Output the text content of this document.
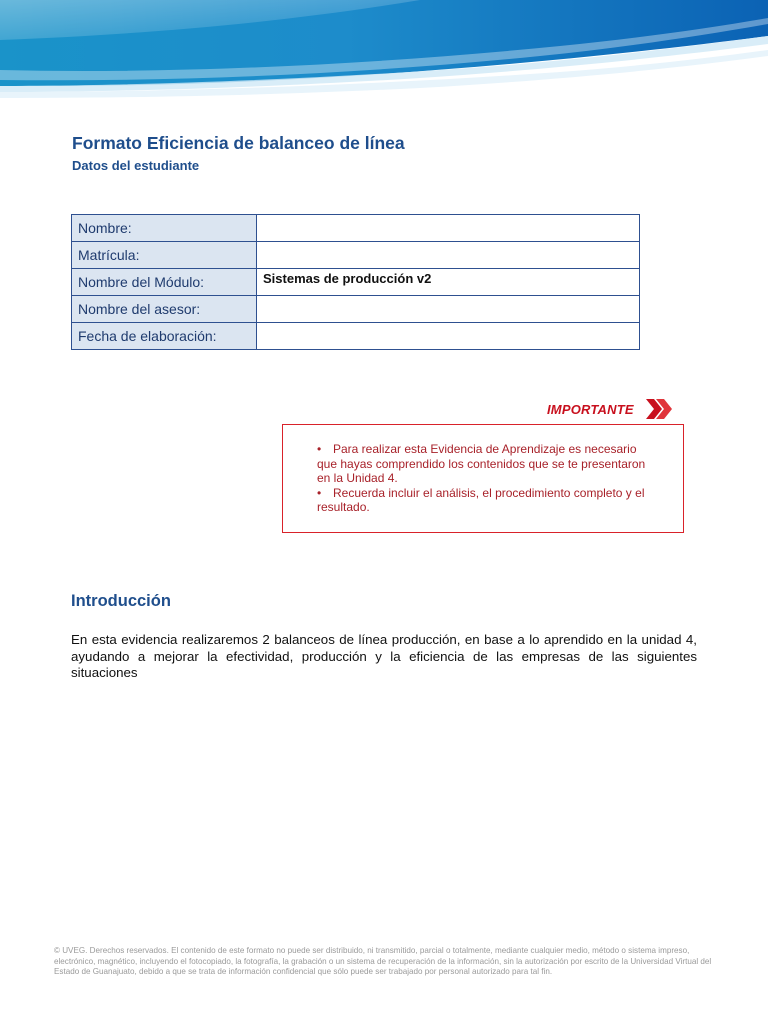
Formato Eficiencia de balanceo de línea
Datos del estudiante
Nombre:	
Matrícula:	
Nombre del Módulo:	Sistemas de producción v2
Nombre del asesor:	
Fecha de elaboración:	
IMPORTANTE
• Para realizar esta Evidencia de Aprendizaje es necesario que hayas comprendido los contenidos que se te presentaron en la Unidad 4.
• Recuerda incluir el análisis, el procedimiento completo y el resultado.
Introducción

En esta evidencia realizaremos 2 balanceos de línea producción, en base a lo aprendido en la unidad 4, ayudando a mejorar la efectividad, producción y la eficiencia de las empresas de las siguientes situaciones

© UVEG. Derechos reservados. El contenido de este formato no puede ser distribuido, ni transmitido, parcial o totalmente, mediante cualquier medio, método o sistema impreso, electrónico, magnético, incluyendo el fotocopiado, la fotografía, la grabación o un sistema de recuperación de la información, sin la autorización por escrito de la Universidad Virtual del Estado de Guanajuato, debido a que se trata de información confidencial que sólo puede ser trabajado por personal autorizado para tal fin.
